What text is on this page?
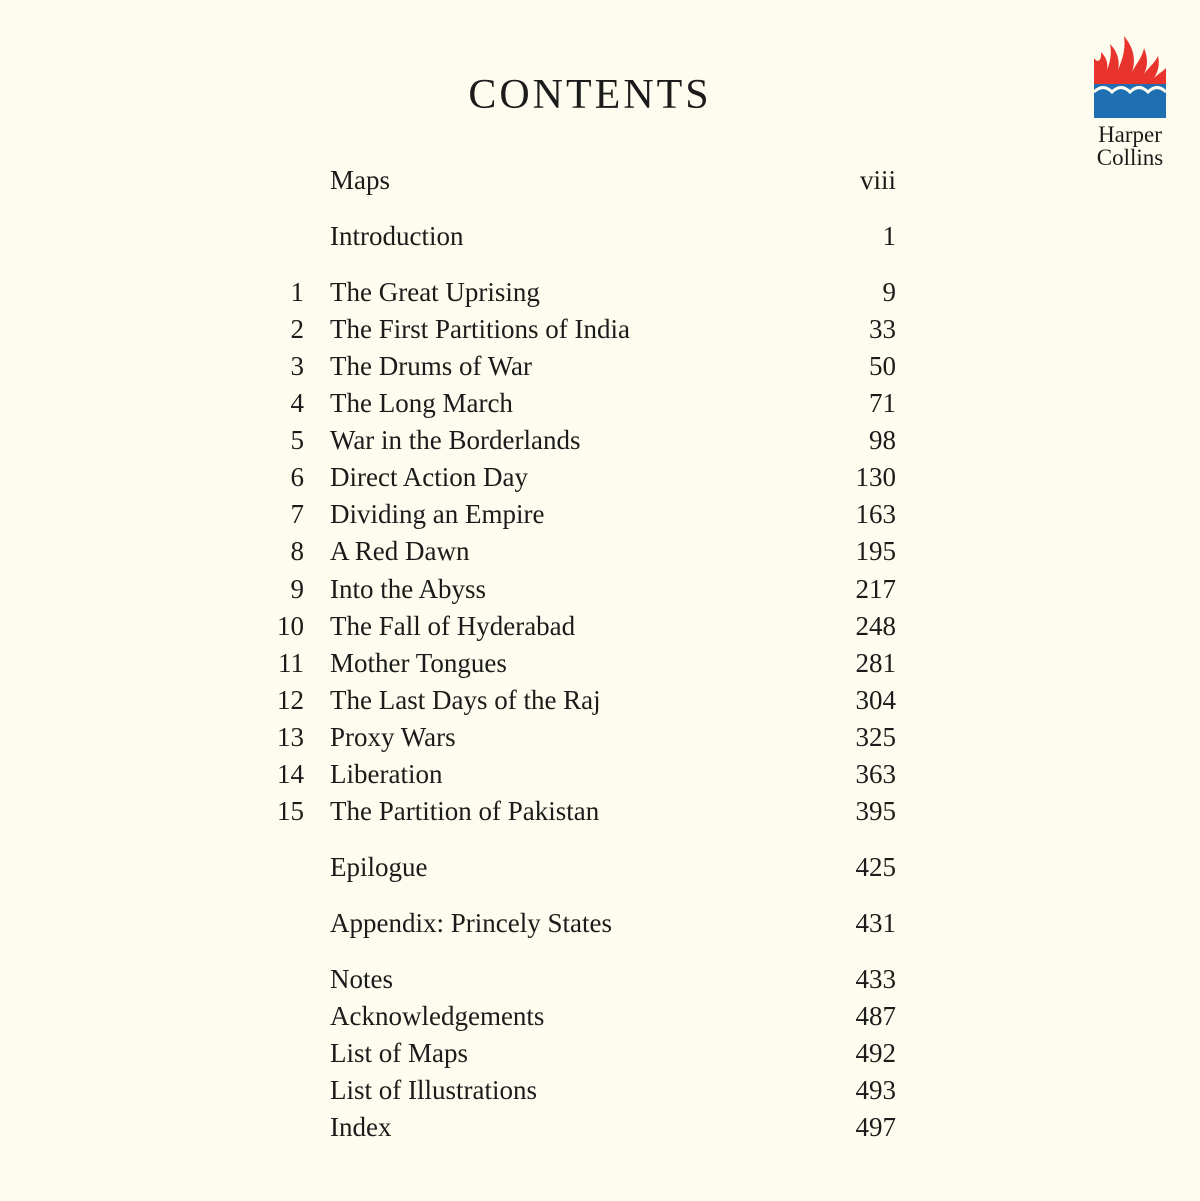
CONTENTS
Harper
Collins
Maps	viii
Introduction	1
1 The Great Uprising	9
2 The First Partitions of India	33
3 The Drums of War	50
4 The Long March	71
5 War in the Borderlands	98
6 Direct Action Day	130
7 Dividing an Empire	163
8 A Red Dawn	195
9 Into the Abyss	217
10 The Fall of Hyderabad	248
11 Mother Tongues	281
12 The Last Days of the Raj	304
13 Proxy Wars	325
14 Liberation	363
15 The Partition of Pakistan	395
Epilogue	425
Appendix: Princely States	431
Notes	433
Acknowledgements	487
List of Maps	492
List of Illustrations	493
Index	497
